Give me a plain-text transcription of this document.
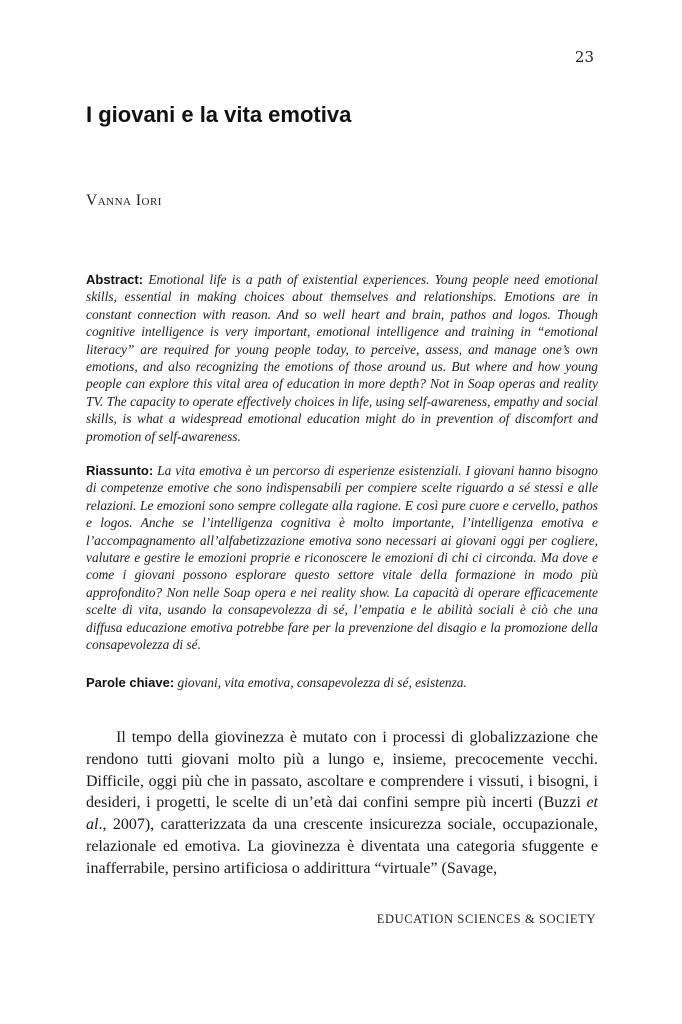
23
I giovani e la vita emotiva
Vanna Iori
Abstract: Emotional life is a path of existential experiences. Young people need emotional skills, essential in making choices about themselves and relationships. Emotions are in constant connection with reason. And so well heart and brain, pathos and logos. Though cognitive intelligence is very important, emotional intelligence and training in “emotional literacy” are required for young people today, to perceive, assess, and manage one’s own emotions, and also recognizing the emotions of those around us. But where and how young people can explore this vital area of education in more depth? Not in Soap operas and reality TV. The capacity to operate effectively choices in life, using self-awareness, empathy and social skills, is what a widespread emotional education might do in prevention of discomfort and promotion of self-awareness.
Riassunto: La vita emotiva è un percorso di esperienze esistenziali. I giovani hanno bisogno di competenze emotive che sono indispensabili per compiere scelte riguardo a sé stessi e alle relazioni. Le emozioni sono sempre collegate alla ragione. E così pure cuore e cervello, pathos e logos. Anche se l’intelligenza cognitiva è molto importante, l’intelligenza emotiva e l’accompagnamento all’alfabetizzazione emotiva sono necessari ai giovani oggi per cogliere, valutare e gestire le emozioni proprie e riconoscere le emozioni di chi ci circonda. Ma dove e come i giovani possono esplorare questo settore vitale della formazione in modo più approfondito? Non nelle Soap opera e nei reality show. La capacità di operare efficacemente scelte di vita, usando la consapevolezza di sé, l’empatia e le abilità sociali è ciò che una diffusa educazione emotiva potrebbe fare per la prevenzione del disagio e la promozione della consapevolezza di sé.
Parole chiave: giovani, vita emotiva, consapevolezza di sé, esistenza.

Il tempo della giovinezza è mutato con i processi di globalizzazione che rendono tutti giovani molto più a lungo e, insieme, precocemente vecchi. Difficile, oggi più che in passato, ascoltare e comprendere i vissuti, i bisogni, i desideri, i progetti, le scelte di un’età dai confini sempre più incerti (Buzzi et al., 2007), caratterizzata da una crescente insicurezza sociale, occupazionale, relazionale ed emotiva. La giovinezza è diventata una categoria sfuggente e inafferrabile, persino artificiosa o addirittura “virtuale” (Savage,

EDUCATION SCIENCES & SOCIETY
